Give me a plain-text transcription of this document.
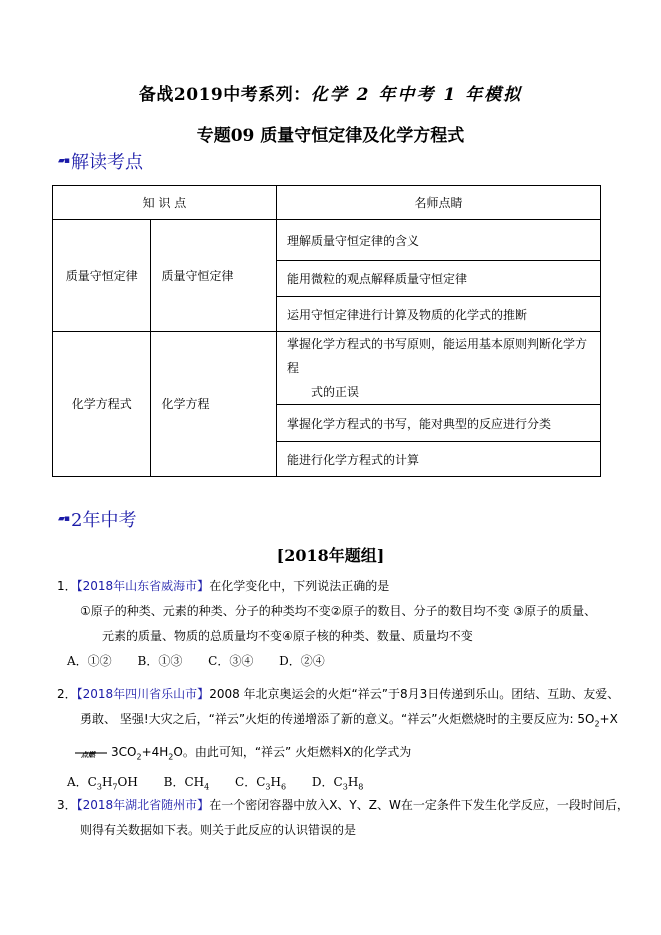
备战2019中考系列：化学 2 年中考 1 年模拟
专题09 质量守恒定律及化学方程式
▰▪ 解读考点
知 识 点		名师点睛
质量守恒定律	质量守恒定律	理解质量守恒定律的含义
		能用微粒的观点解释质量守恒定律
		运用守恒定律进行计算及物质的化学式的推断
化学方程式	化学方程	掌握化学方程式的书写原则，能运用基本原则判断化学方程
式的正误
		掌握化学方程式的书写，能对典型的反应进行分类
		能进行化学方程式的计算
▰▪ 2年中考
[2018年题组]
1．【2018年山东省威海市】在化学变化中，下列说法正确的是
①原子的种类、元素的种类、分子的种类均不变②原子的数目、分子的数目均不变 ③原子的质量、
元素的质量、物质的总质量均不变④原子核的种类、数量、质量均不变
A．①② B．①③ C．③④ D．②④
2．【2018年四川省乐山市】2008 年北京奥运会的火炬“祥云”于8月3日传递到乐山。团结、互助、友爱、
勇敢、 坚强!大灾之后，“祥云”火炬的传递增添了新的意义。“祥云”火炬燃烧时的主要反应为: $5O_2+X$
点燃 $3CO_2+4H_2O$。由此可知，“祥云” 火炬燃料X的化学式为
A．$C_3H_7OH$ B．$CH_4$ C．$C_3H_6$ D．$C_3H_8$
3．【2018年湖北省随州市】在一个密闭容器中放入X、Y、Z、W在一定条件下发生化学反应，一段时间后，
则得有关数据如下表。则关于此反应的认识错误的是
